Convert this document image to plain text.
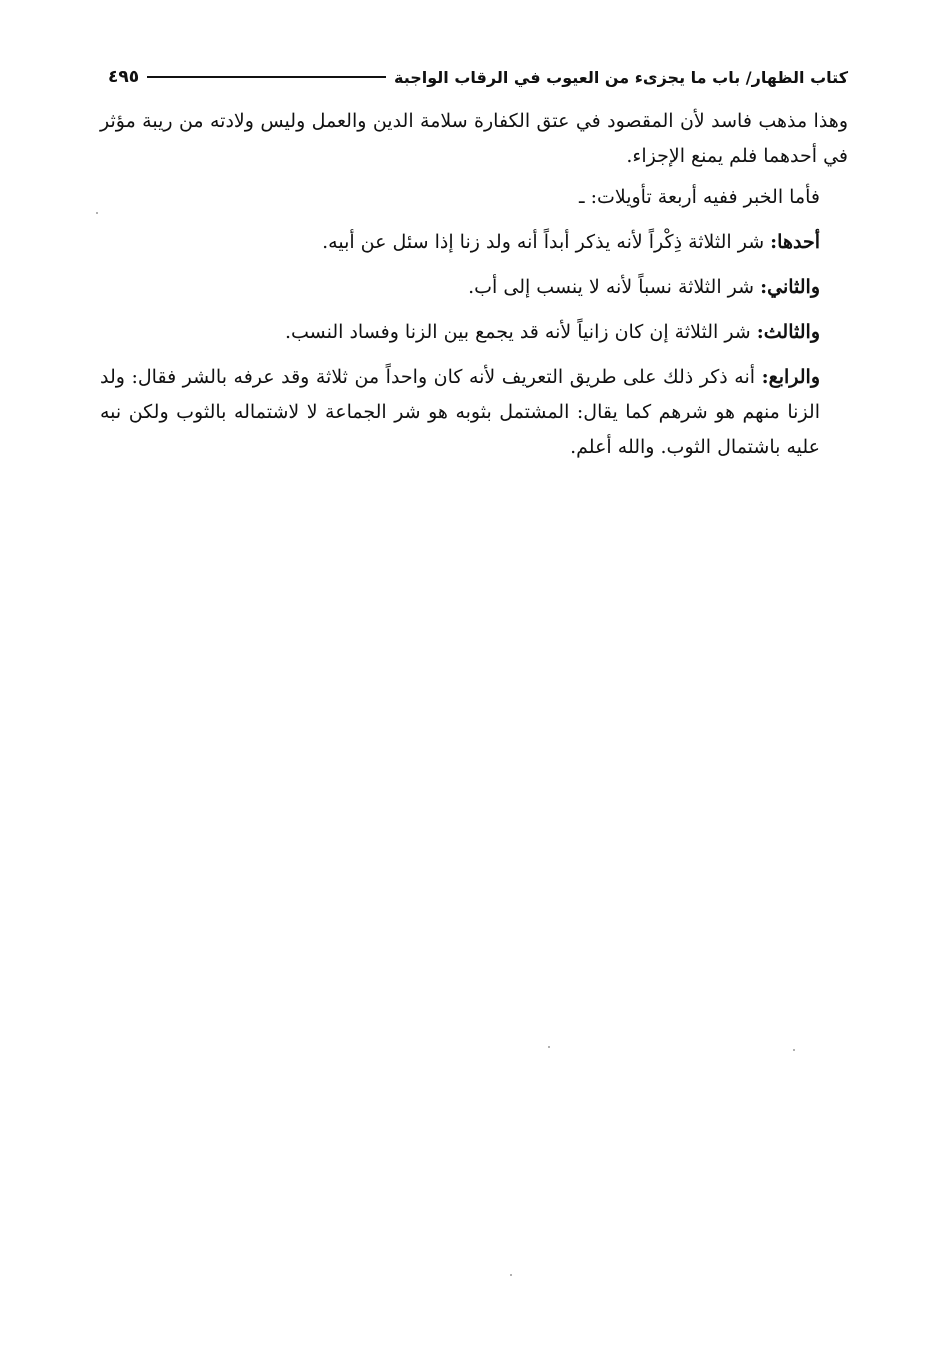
كتاب الظهار/ باب ما يجزىء من العيوب في الرقاب الواجبة
٤٩٥

وهذا مذهب فاسد لأن المقصود في عتق الكفارة سلامة الدين والعمل وليس ولادته من ريبة مؤثر في أحدهما فلم يمنع الإجزاء.

فأما الخبر ففيه أربعة تأويلات: ـ

أحدها: شر الثلاثة ذِكْراً لأنه يذكر أبداً أنه ولد زنا إذا سئل عن أبيه.

والثاني: شر الثلاثة نسباً لأنه لا ينسب إلى أب.

والثالث: شر الثلاثة إن كان زانياً لأنه قد يجمع بين الزنا وفساد النسب.

والرابع: أنه ذكر ذلك على طريق التعريف لأنه كان واحداً من ثلاثة وقد عرفه بالشر فقال: ولد الزنا منهم هو شرهم كما يقال: المشتمل بثوبه هو شر الجماعة لا لاشتماله بالثوب ولكن نبه عليه باشتمال الثوب. والله أعلم.
